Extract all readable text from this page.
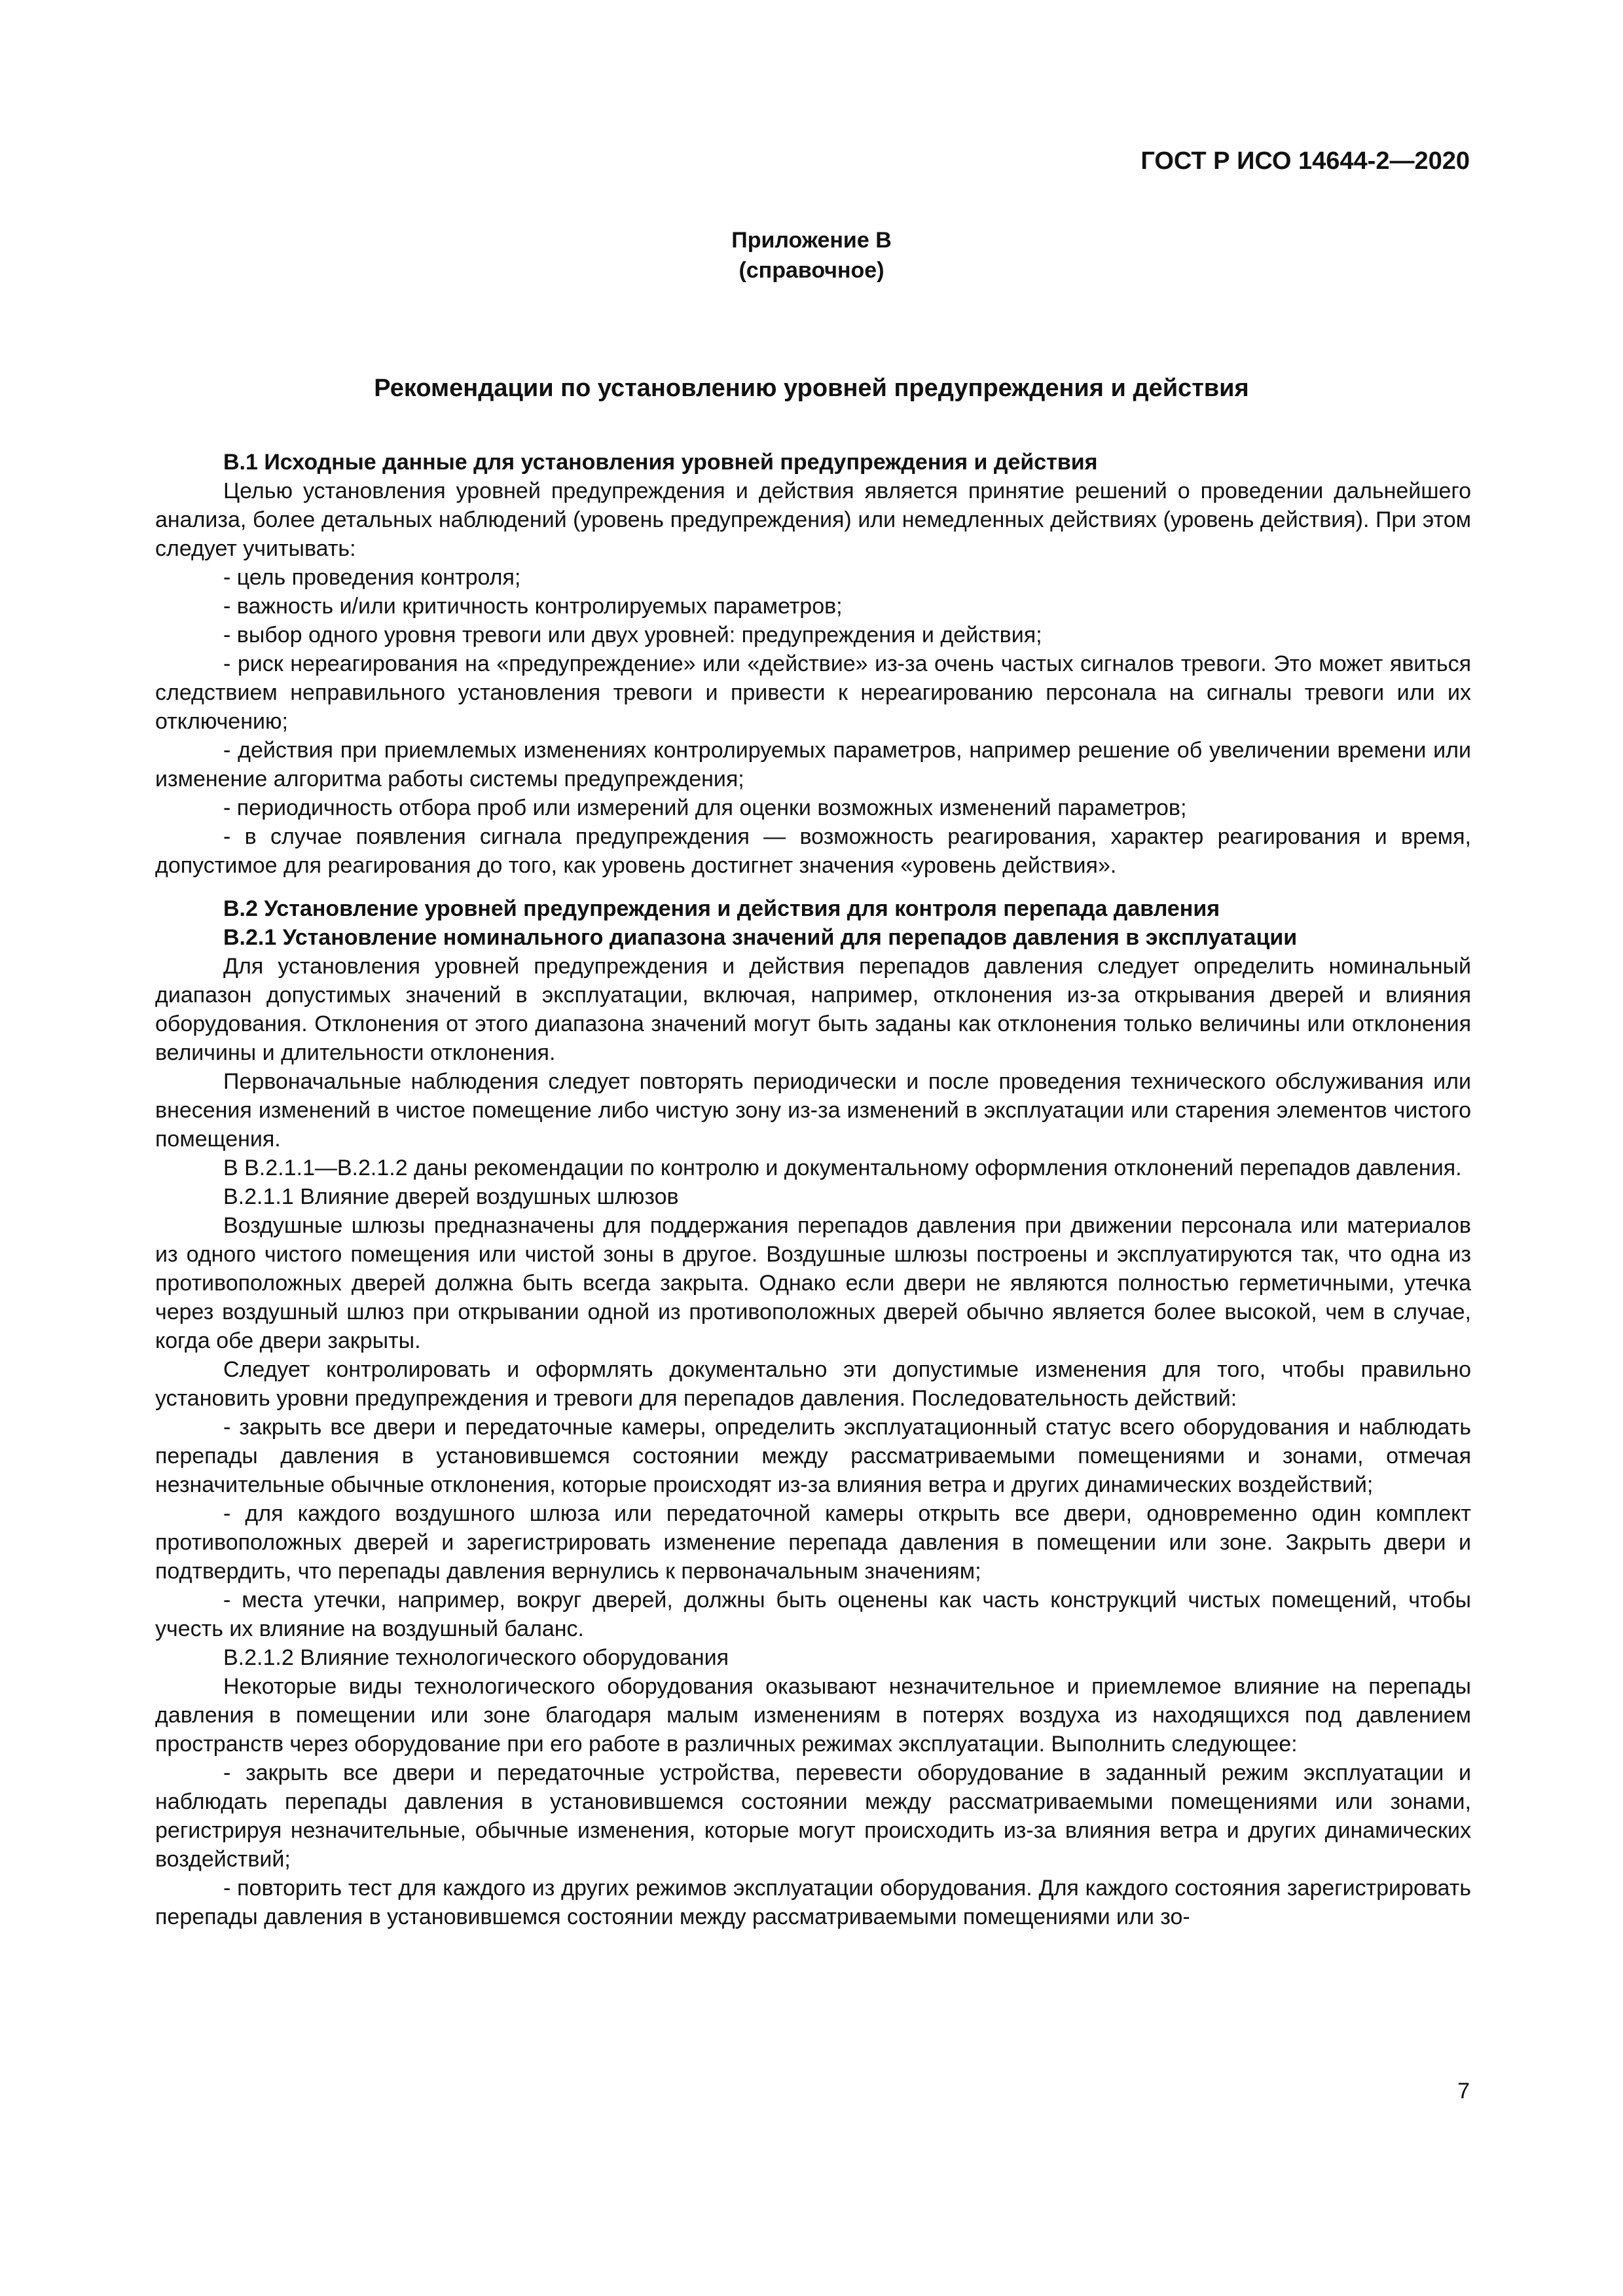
ГОСТ Р ИСО 14644-2—2020
Приложение В
(справочное)
Рекомендации по установлению уровней предупреждения и действия
В.1 Исходные данные для установления уровней предупреждения и действия

Целью установления уровней предупреждения и действия является принятие решений о проведении дальнейшего анализа, более детальных наблюдений (уровень предупреждения) или немедленных действиях (уровень действия). При этом следует учитывать:

- цель проведения контроля;

- важность и/или критичность контролируемых параметров;

- выбор одного уровня тревоги или двух уровней: предупреждения и действия;

- риск нереагирования на «предупреждение» или «действие» из-за очень частых сигналов тревоги. Это может явиться следствием неправильного установления тревоги и привести к нереагированию персонала на сигналы тревоги или их отключению;

- действия при приемлемых изменениях контролируемых параметров, например решение об увеличении времени или изменение алгоритма работы системы предупреждения;

- периодичность отбора проб или измерений для оценки возможных изменений параметров;

- в случае появления сигнала предупреждения — возможность реагирования, характер реагирования и время, допустимое для реагирования до того, как уровень достигнет значения «уровень действия».

В.2 Установление уровней предупреждения и действия для контроля перепада давления
В.2.1 Установление номинального диапазона значений для перепадов давления в эксплуатации

Для установления уровней предупреждения и действия перепадов давления следует определить номинальный диапазон допустимых значений в эксплуатации, включая, например, отклонения из-за открывания дверей и влияния оборудования. Отклонения от этого диапазона значений могут быть заданы как отклонения только величины или отклонения величины и длительности отклонения.

Первоначальные наблюдения следует повторять периодически и после проведения технического обслуживания или внесения изменений в чистое помещение либо чистую зону из-за изменений в эксплуатации или старения элементов чистого помещения.

В В.2.1.1—В.2.1.2 даны рекомендации по контролю и документальному оформления отклонений перепадов давления.

В.2.1.1 Влияние дверей воздушных шлюзов

Воздушные шлюзы предназначены для поддержания перепадов давления при движении персонала или материалов из одного чистого помещения или чистой зоны в другое. Воздушные шлюзы построены и эксплуатируются так, что одна из противоположных дверей должна быть всегда закрыта. Однако если двери не являются полностью герметичными, утечка через воздушный шлюз при открывании одной из противоположных дверей обычно является более высокой, чем в случае, когда обе двери закрыты.

Следует контролировать и оформлять документально эти допустимые изменения для того, чтобы правильно установить уровни предупреждения и тревоги для перепадов давления. Последовательность действий:

- закрыть все двери и передаточные камеры, определить эксплуатационный статус всего оборудования и наблюдать перепады давления в установившемся состоянии между рассматриваемыми помещениями и зонами, отмечая незначительные обычные отклонения, которые происходят из-за влияния ветра и других динамических воздействий;

- для каждого воздушного шлюза или передаточной камеры открыть все двери, одновременно один комплект противоположных дверей и зарегистрировать изменение перепада давления в помещении или зоне. Закрыть двери и подтвердить, что перепады давления вернулись к первоначальным значениям;

- места утечки, например, вокруг дверей, должны быть оценены как часть конструкций чистых помещений, чтобы учесть их влияние на воздушный баланс.

В.2.1.2 Влияние технологического оборудования

Некоторые виды технологического оборудования оказывают незначительное и приемлемое влияние на перепады давления в помещении или зоне благодаря малым изменениям в потерях воздуха из находящихся под давлением пространств через оборудование при его работе в различных режимах эксплуатации. Выполнить следующее:

- закрыть все двери и передаточные устройства, перевести оборудование в заданный режим эксплуатации и наблюдать перепады давления в установившемся состоянии между рассматриваемыми помещениями или зонами, регистрируя незначительные, обычные изменения, которые могут происходить из-за влияния ветра и других динамических воздействий;

- повторить тест для каждого из других режимов эксплуатации оборудования. Для каждого состояния зарегистрировать перепады давления в установившемся состоянии между рассматриваемыми помещениями или зо-

7
